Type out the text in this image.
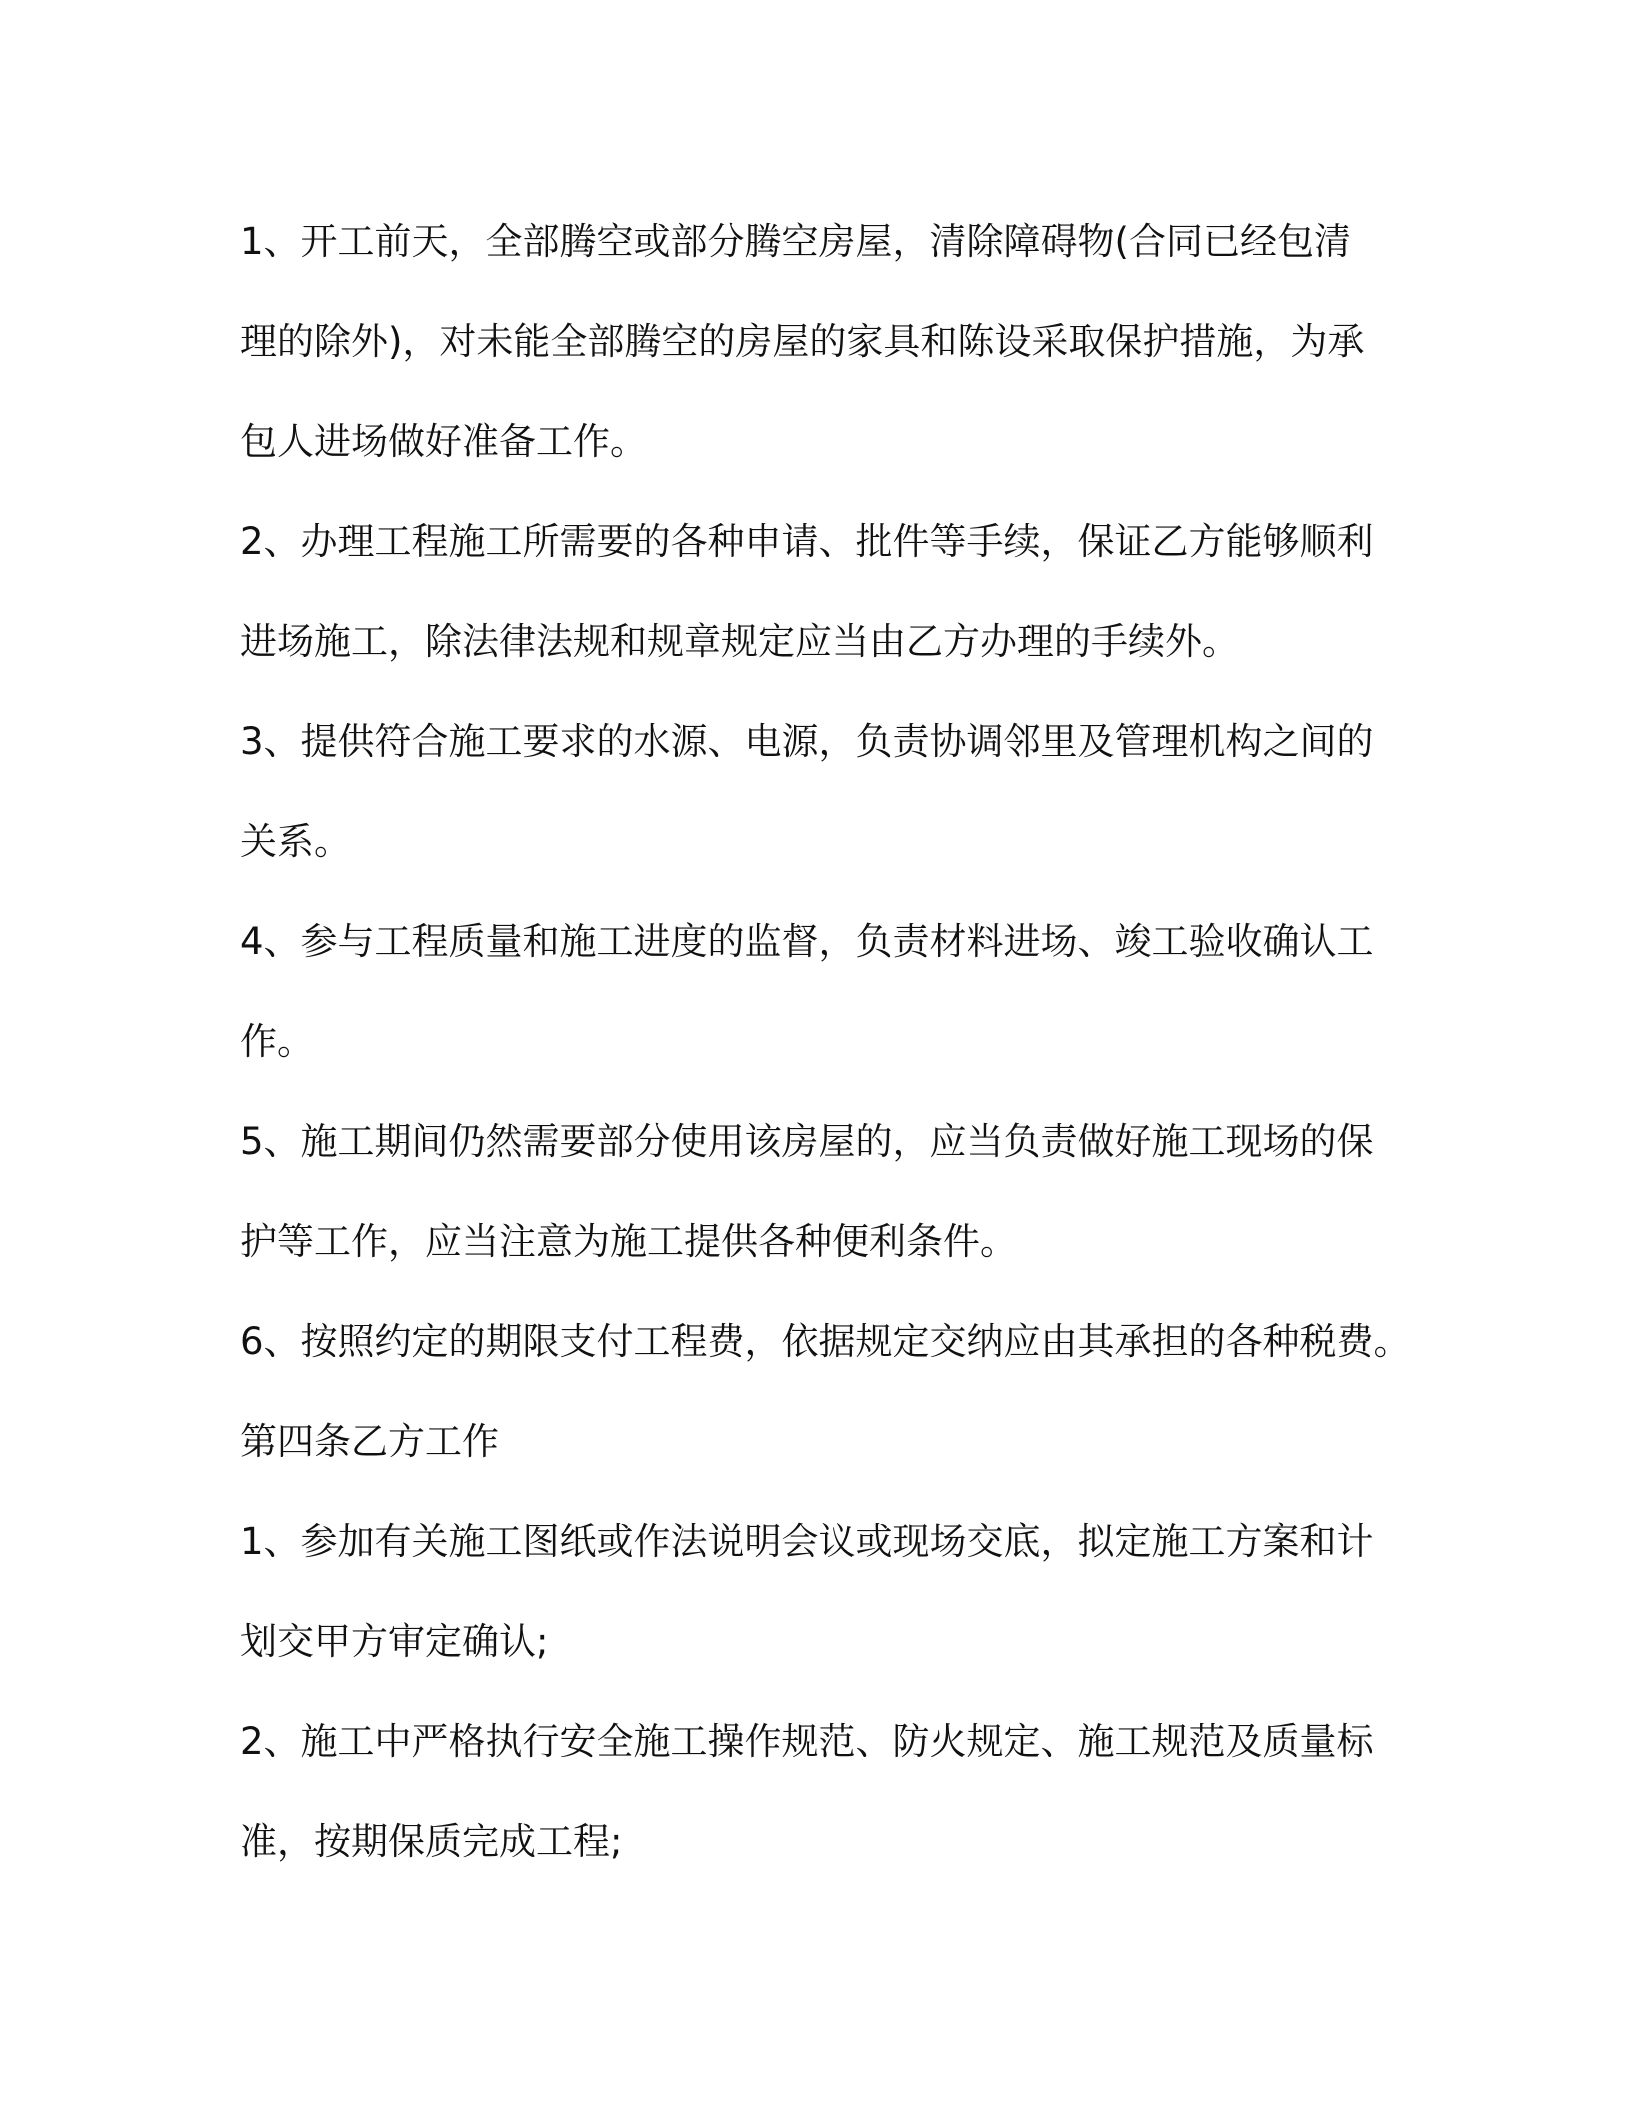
1、开工前天，全部腾空或部分腾空房屋，清除障碍物(合同已经包清

理的除外)，对未能全部腾空的房屋的家具和陈设采取保护措施，为承

包人进场做好准备工作。

2、办理工程施工所需要的各种申请、批件等手续，保证乙方能够顺利

进场施工，除法律法规和规章规定应当由乙方办理的手续外。

3、提供符合施工要求的水源、电源，负责协调邻里及管理机构之间的

关系。

4、参与工程质量和施工进度的监督，负责材料进场、竣工验收确认工

作。

5、施工期间仍然需要部分使用该房屋的，应当负责做好施工现场的保

护等工作，应当注意为施工提供各种便利条件。

6、按照约定的期限支付工程费，依据规定交纳应由其承担的各种税费。

第四条乙方工作

1、参加有关施工图纸或作法说明会议或现场交底，拟定施工方案和计

划交甲方审定确认;

2、施工中严格执行安全施工操作规范、防火规定、施工规范及质量标

准，按期保质完成工程;
